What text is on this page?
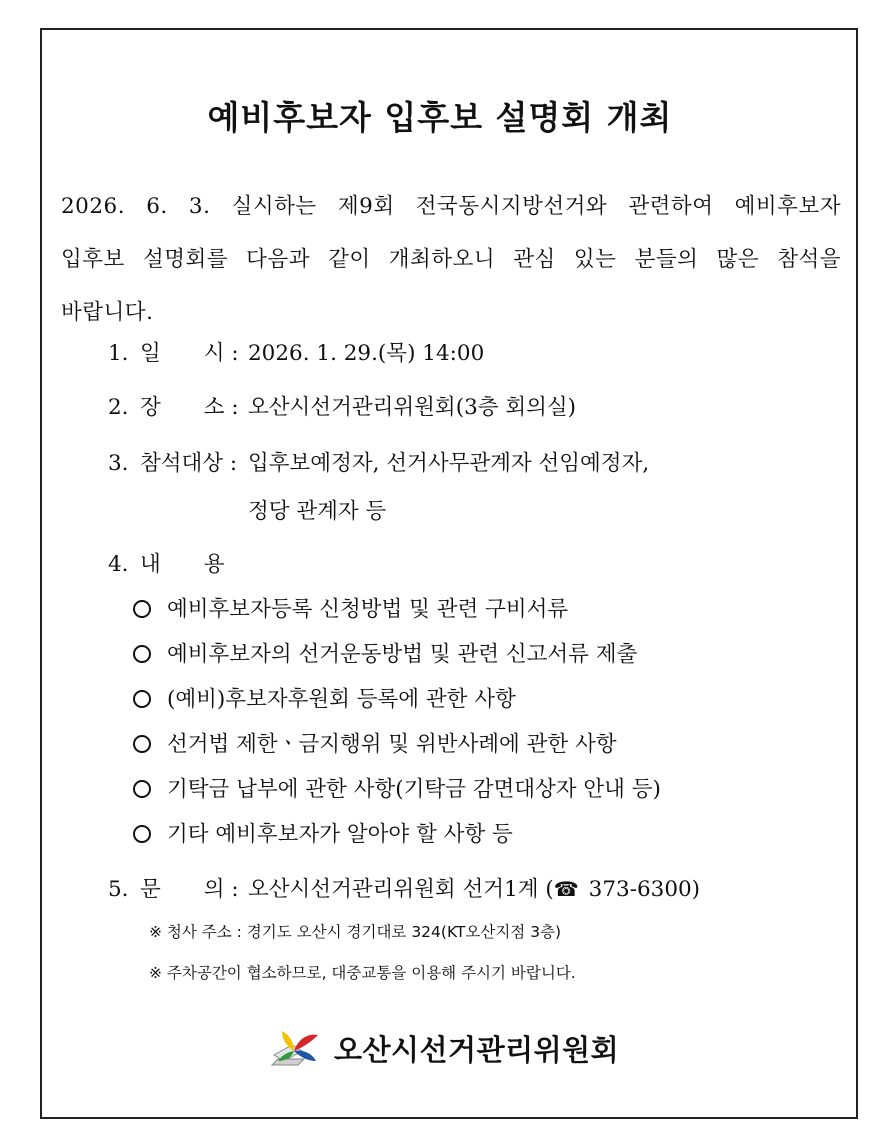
예비후보자 입후보 설명회 개최
2026. 6. 3. 실시하는 제9회 전국동시지방선거와 관련하여 예비후보자
입후보 설명회를 다음과 같이 개최하오니 관심 있는 분들의 많은 참석을
바랍니다.
1. 일　　시 : 2026. 1. 29.(목) 14:00
2. 장　　소 : 오산시선거관리위원회(3층 회의실)
3. 참석대상 : 입후보예정자, 선거사무관계자 선임예정자,
정당 관계자 등
4. 내　　용
예비후보자등록 신청방법 및 관련 구비서류
예비후보자의 선거운동방법 및 관련 신고서류 제출
(예비)후보자후원회 등록에 관한 사항
선거법 제한ㆍ금지행위 및 위반사례에 관한 사항
기탁금 납부에 관한 사항(기탁금 감면대상자 안내 등)
기타 예비후보자가 알아야 할 사항 등
5. 문　　의 : 오산시선거관리위원회 선거1계 (☎ 373-6300)
※ 청사 주소 : 경기도 오산시 경기대로 324(KT오산지점 3층)
※ 주차공간이 협소하므로, 대중교통을 이용해 주시기 바랍니다.
오산시선거관리위원회
